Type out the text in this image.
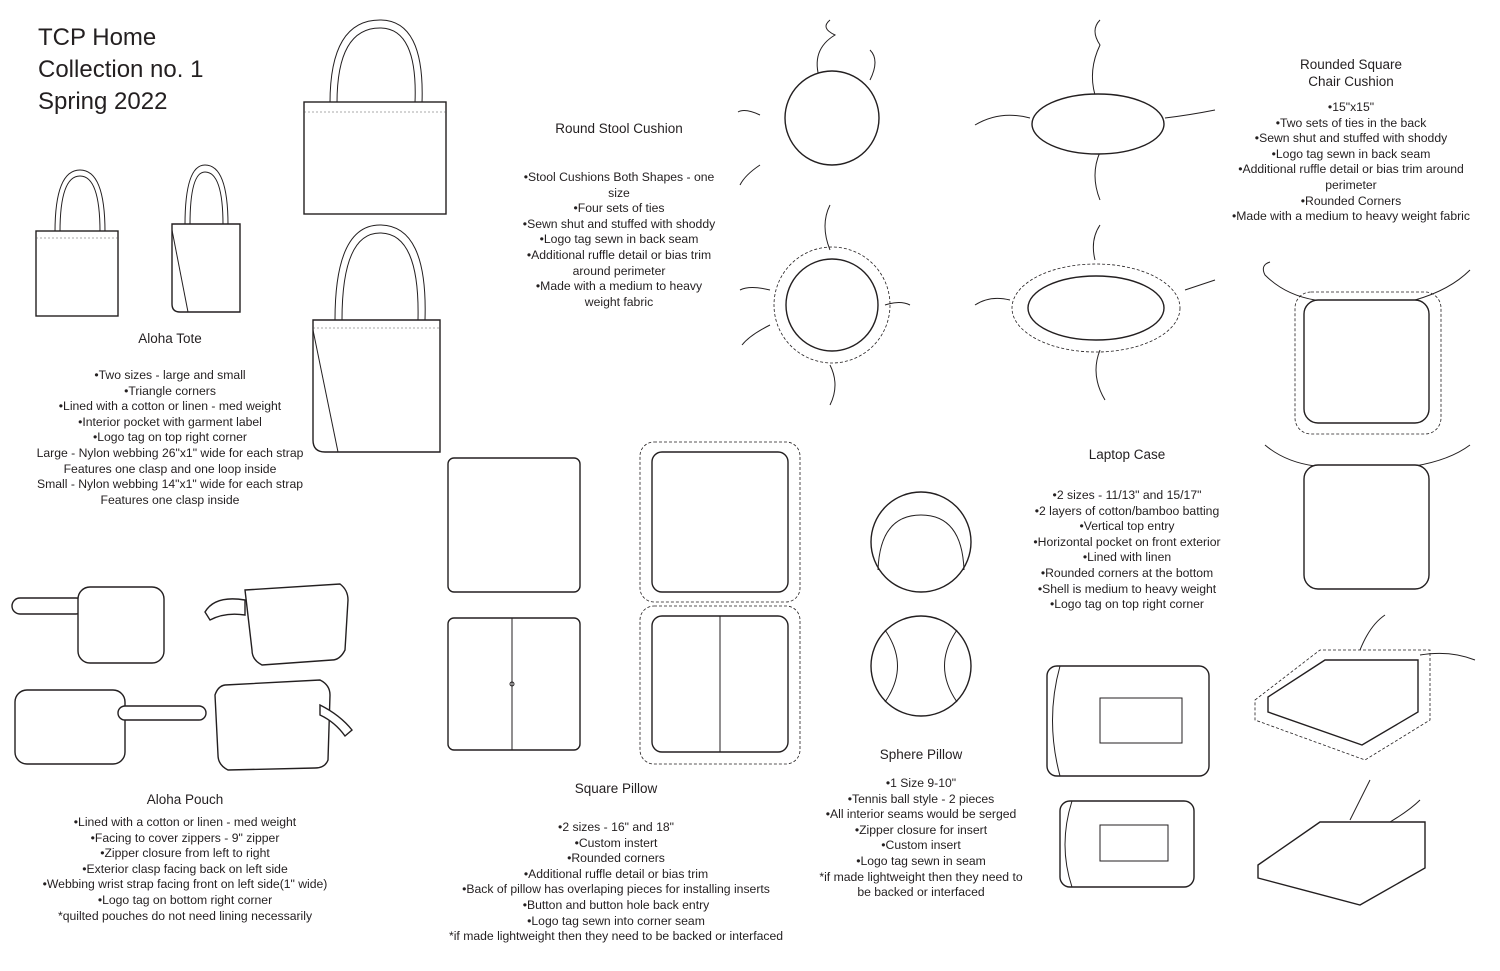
TCP Home
Collection no. 1
Spring 2022
Aloha Tote
•Two sizes - large and small
•Triangle corners
•Lined with a cotton or linen - med weight
•Interior pocket with garment label
•Logo tag on top right corner
Large - Nylon webbing 26"x1" wide for each strap
Features one clasp and one loop inside
Small - Nylon webbing 14"x1" wide for each strap
Features one clasp inside
Round Stool Cushion
•Stool Cushions Both Shapes - one size
•Four sets of ties
•Sewn shut and stuffed with shoddy
•Logo tag sewn in back seam
•Additional ruffle detail or bias trim around perimeter
•Made with a medium to heavy weight fabric
Rounded Square
Chair Cushion
•15"x15"
•Two sets of ties in the back
•Sewn shut and stuffed with shoddy
•Logo tag sewn in back seam
•Additional ruffle detail or bias trim around perimeter
•Rounded Corners
•Made with a medium to heavy weight fabric
Laptop Case
•2 sizes - 11/13" and 15/17"
•2 layers of cotton/bamboo batting
•Vertical top entry
•Horizontal pocket on front exterior
•Lined with linen
•Rounded corners at the bottom
•Shell is medium to heavy weight
•Logo tag on top right corner
Aloha Pouch
•Lined with a cotton or linen - med weight
•Facing to cover zippers - 9" zipper
•Zipper closure from left to right
•Exterior clasp facing back on left side
•Webbing wrist strap facing front on left side(1" wide)
•Logo tag on bottom right corner
*quilted pouches do not need lining necessarily
Square Pillow
•2 sizes - 16" and 18"
•Custom instert
•Rounded corners
•Additional ruffle detail or bias trim
•Back of pillow has overlaping pieces for installing inserts
•Button and button hole back entry
•Logo tag sewn into corner seam
*if made lightweight then they need to be backed or interfaced
Sphere Pillow
•1 Size 9-10"
•Tennis ball style - 2 pieces
•All interior seams would be serged
•Zipper closure for insert
•Custom insert
•Logo tag sewn in seam
*if made lightweight then they need to be backed or interfaced
